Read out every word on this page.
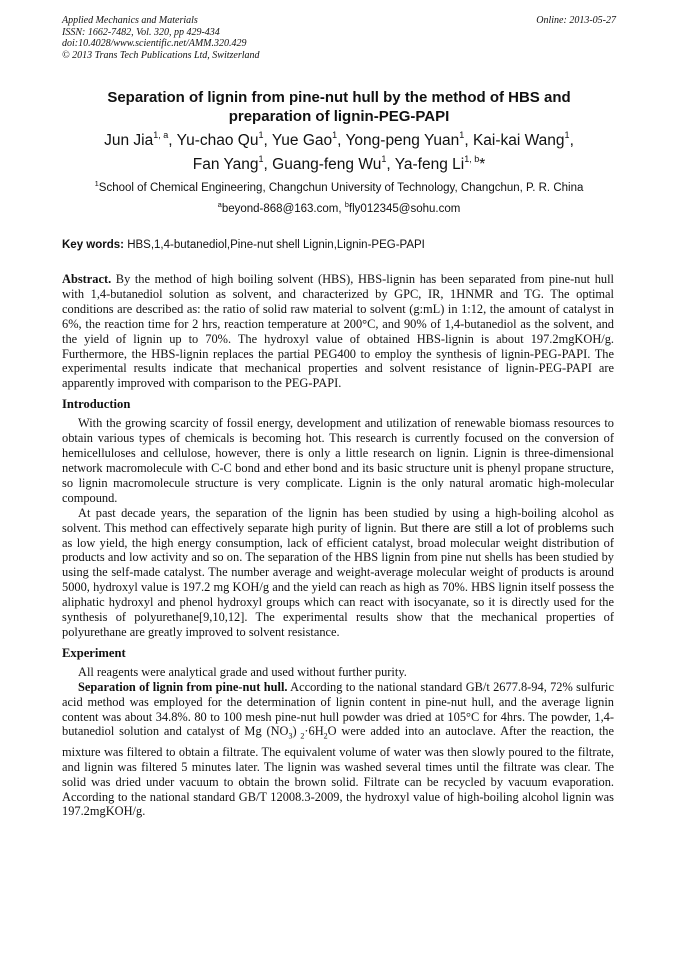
Applied Mechanics and Materials
ISSN: 1662-7482, Vol. 320, pp 429-434
doi:10.4028/www.scientific.net/AMM.320.429
© 2013 Trans Tech Publications Ltd, Switzerland
Online: 2013-05-27
Separation of lignin from pine-nut hull by the method of HBS and
preparation of lignin-PEG-PAPI
Jun Jia$^{1, a}$, Yu-chao Qu$^1$, Yue Gao$^1$, Yong-peng Yuan$^1$, Kai-kai Wang$^1$,
Fan Yang$^1$, Guang-feng Wu$^1$, Ya-feng Li$^{1, b}$*
$^1$School of Chemical Engineering, Changchun University of Technology, Changchun, P. R. China
$^a$beyond-868@163.com, $^b$fly012345@sohu.com
Key words: HBS,1,4-butanediol,Pine-nut shell Lignin,Lignin-PEG-PAPI

Abstract. By the method of high boiling solvent (HBS), HBS-lignin has been separated from pine-nut hull with 1,4-butanediol solution as solvent, and characterized by GPC, IR, 1HNMR and TG. The optimal conditions are described as: the ratio of solid raw material to solvent (g:mL) in 1:12, the amount of catalyst in 6%, the reaction time for 2 hrs, reaction temperature at 200°C, and 90% of 1,4-butanediol as the solvent, and the yield of lignin up to 70%. The hydroxyl value of obtained HBS-lignin is about 197.2mgKOH/g. Furthermore, the HBS-lignin replaces the partial PEG400 to employ the synthesis of lignin-PEG-PAPI. The experimental results indicate that mechanical properties and solvent resistance of lignin-PEG-PAPI are apparently improved with comparison to the PEG-PAPI.

Introduction

With the growing scarcity of fossil energy, development and utilization of renewable biomass resources to obtain various types of chemicals is becoming hot. This research is currently focused on the conversion of hemicelluloses and cellulose, however, there is only a little research on lignin. Lignin is three-dimensional network macromolecule with C-C bond and ether bond and its basic structure unit is phenyl propane structure, so lignin macromolecule structure is very complicate. Lignin is the only natural aromatic high-molecular compound.

At past decade years, the separation of the lignin has been studied by using a high-boiling alcohol as solvent. This method can effectively separate high purity of lignin. But there are still a lot of problems such as low yield, the high energy consumption, lack of efficient catalyst, broad molecular weight distribution of products and low activity and so on. The separation of the HBS lignin from pine nut shells has been studied by using the self-made catalyst. The number average and weight-average molecular weight of products is around 5000, hydroxyl value is 197.2 mg KOH/g and the yield can reach as high as 70%. HBS lignin itself possess the aliphatic hydroxyl and phenol hydroxyl groups which can react with isocyanate, so it is directly used for the synthesis of polyurethane[9,10,12]. The experimental results show that the mechanical properties of polyurethane are greatly improved to solvent resistance.

Experiment

All reagents were analytical grade and used without further purity.

Separation of lignin from pine-nut hull. According to the national standard GB/t 2677.8-94, 72% sulfuric acid method was employed for the determination of lignin content in pine-nut hull, and the average lignin content was about 34.8%. 80 to 100 mesh pine-nut hull powder was dried at 105°C for 4hrs. The powder, 1,4-butanediol solution and catalyst of Mg $(NO_3)$ $_2\cdot 6H_2O$ were added into an autoclave. After the reaction, the mixture was filtered to obtain a filtrate. The equivalent volume of water was then slowly poured to the filtrate, and lignin was filtered 5 minutes later. The lignin was washed several times until the filtrate was clear. The solid was dried under vacuum to obtain the brown solid. Filtrate can be recycled by vacuum evaporation. According to the national standard GB/T 12008.3-2009, the hydroxyl value of high-boiling alcohol lignin was 197.2mgKOH/g.
